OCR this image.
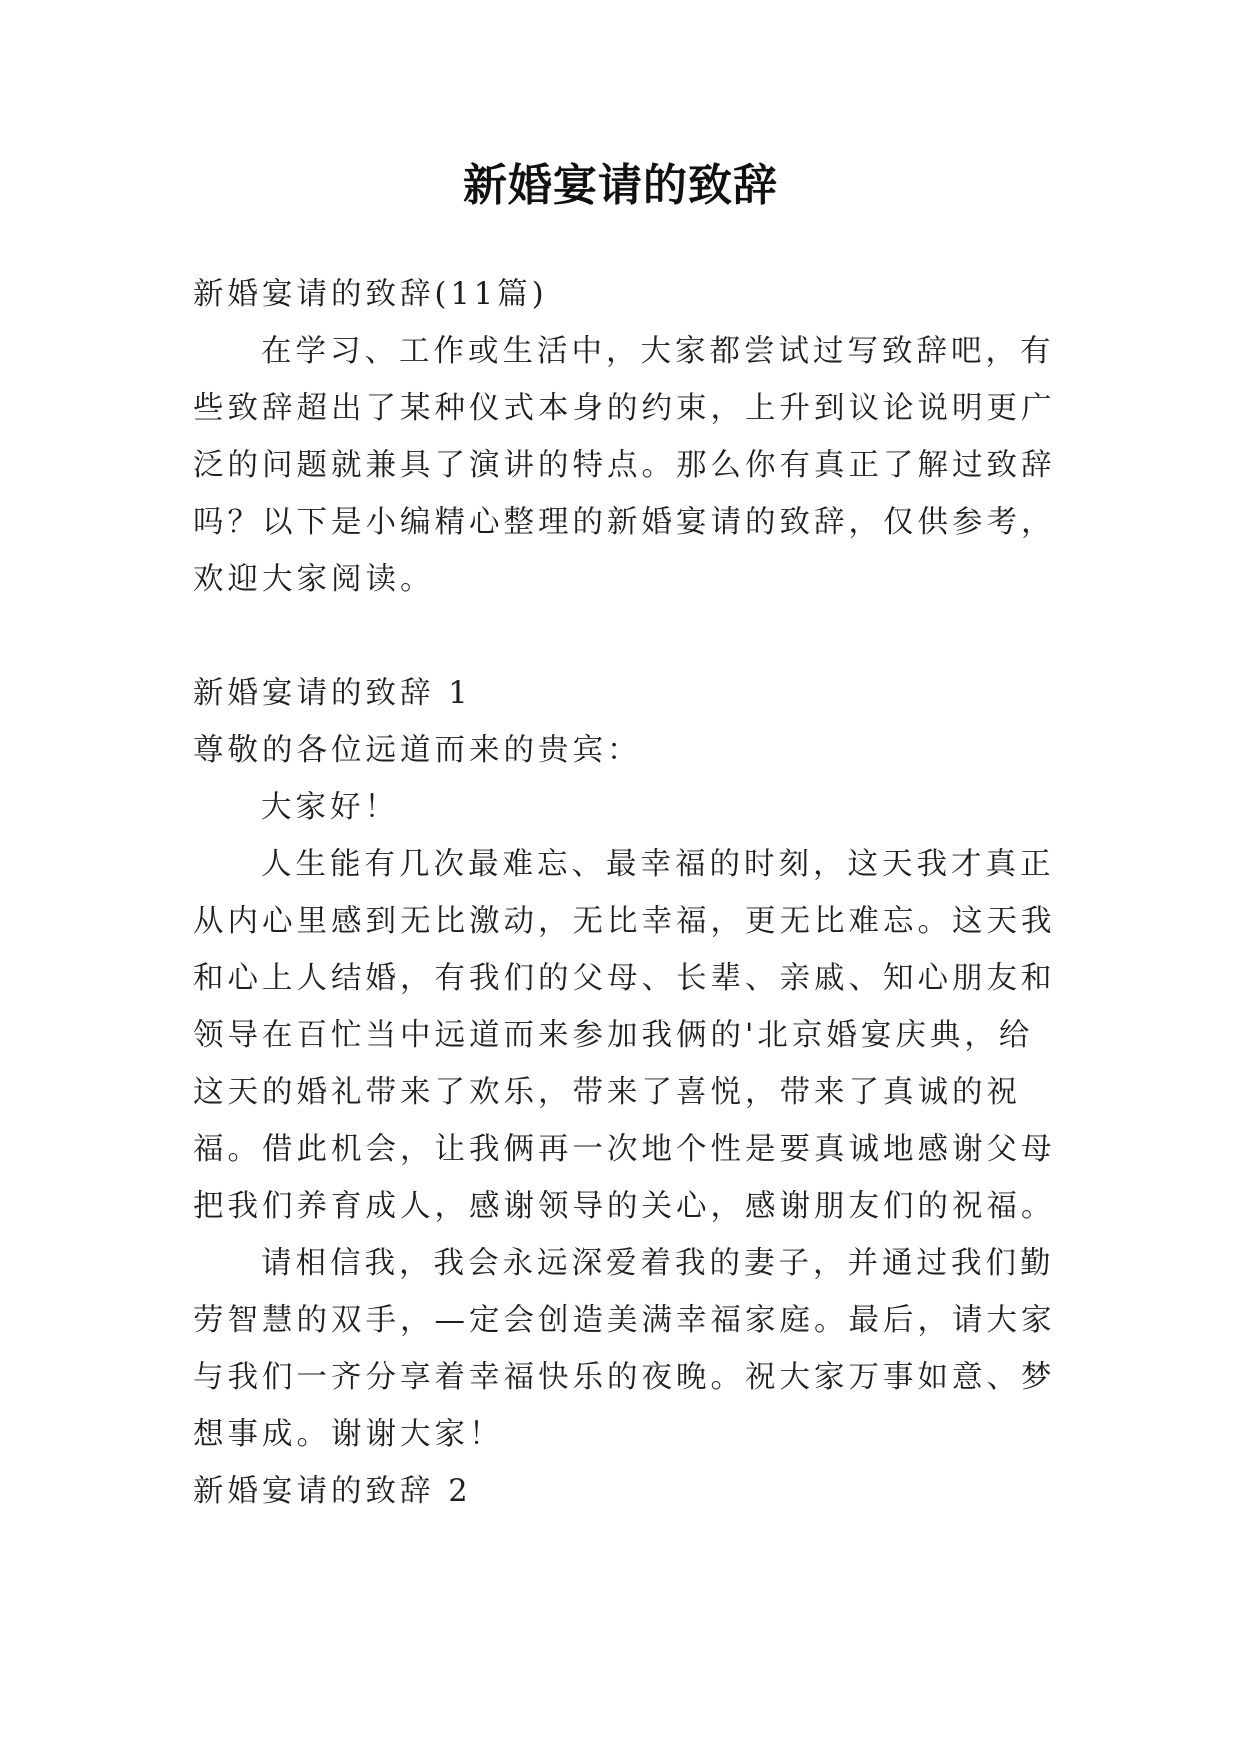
新婚宴请的致辞

新婚宴请的致辞(11篇)

在学习、工作或生活中，大家都尝试过写致辞吧，有些致辞超出了某种仪式本身的约束，上升到议论说明更广泛的问题就兼具了演讲的特点。那么你有真正了解过致辞吗？以下是小编精心整理的新婚宴请的致辞，仅供参考，欢迎大家阅读。

新婚宴请的致辞 1

尊敬的各位远道而来的贵宾：

大家好！

人生能有几次最难忘、最幸福的时刻，这天我才真正从内心里感到无比激动，无比幸福，更无比难忘。这天我和心上人结婚，有我们的父母、长辈、亲戚、知心朋友和领导在百忙当中远道而来参加我俩的'北京婚宴庆典，给这天的婚礼带来了欢乐，带来了喜悦，带来了真诚的祝福。借此机会，让我俩再一次地个性是要真诚地感谢父母把我们养育成人，感谢领导的关心，感谢朋友们的祝福。

请相信我，我会永远深爱着我的妻子，并通过我们勤劳智慧的双手，—定会创造美满幸福家庭。最后，请大家与我们一齐分享着幸福快乐的夜晚。祝大家万事如意、梦想事成。谢谢大家！

新婚宴请的致辞 2
